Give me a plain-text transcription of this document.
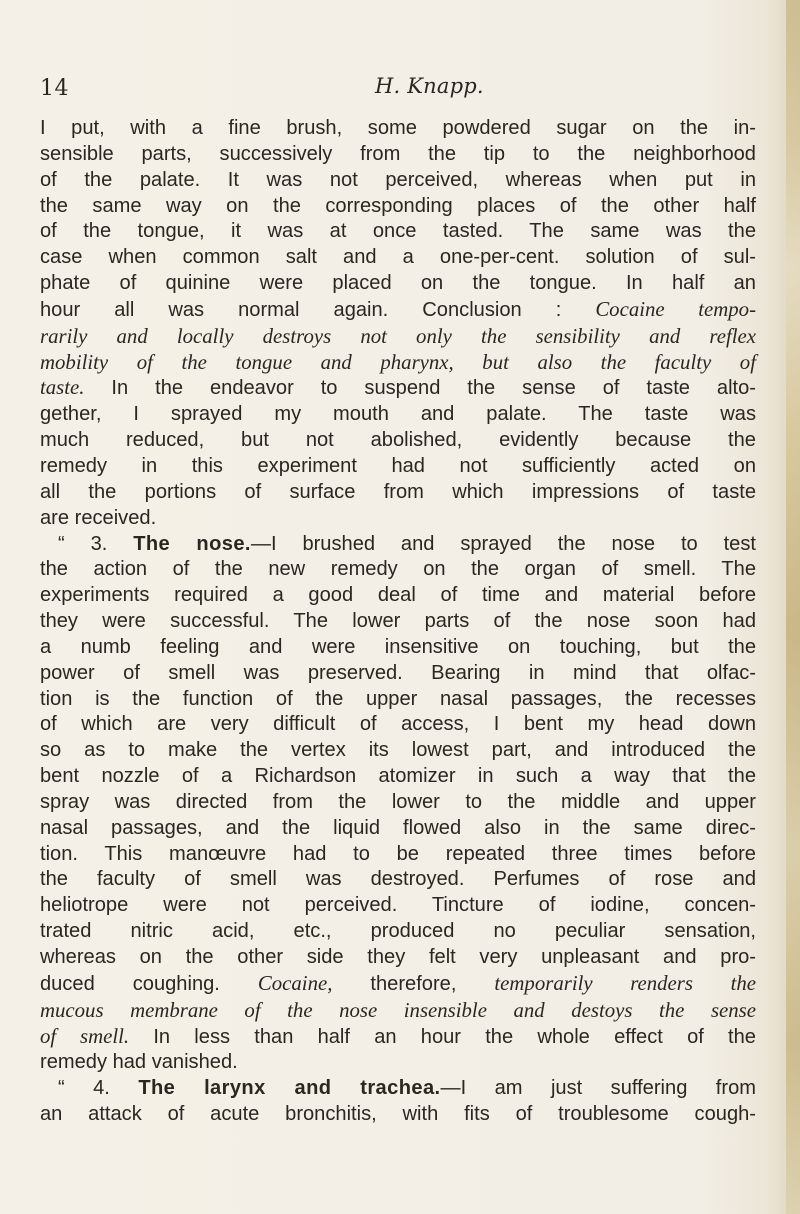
14	H. Knapp.
I put, with a fine brush, some powdered sugar on the in-
sensible parts, successively from the tip to the neighborhood
of the palate. It was not perceived, whereas when put in
the same way on the corresponding places of the other half
of the tongue, it was at once tasted. The same was the
case when common salt and a one-per-cent. solution of sul-
phate of quinine were placed on the tongue. In half an
hour all was normal again. Conclusion : Cocaine tempo-
rarily and locally destroys not only the sensibility and reflex
mobility of the tongue and pharynx, but also the faculty of
taste. In the endeavor to suspend the sense of taste alto-
gether, I sprayed my mouth and palate. The taste was
much reduced, but not abolished, evidently because the
remedy in this experiment had not sufficiently acted on
all the portions of surface from which impressions of taste
are received.
“ 3. The nose.—I brushed and sprayed the nose to test
the action of the new remedy on the organ of smell. The
experiments required a good deal of time and material before
they were successful. The lower parts of the nose soon had
a numb feeling and were insensitive on touching, but the
power of smell was preserved. Bearing in mind that olfac-
tion is the function of the upper nasal passages, the recesses
of which are very difficult of access, I bent my head down
so as to make the vertex its lowest part, and introduced the
bent nozzle of a Richardson atomizer in such a way that the
spray was directed from the lower to the middle and upper
nasal passages, and the liquid flowed also in the same direc-
tion. This manœuvre had to be repeated three times before
the faculty of smell was destroyed. Perfumes of rose and
heliotrope were not perceived. Tincture of iodine, concen-
trated nitric acid, etc., produced no peculiar sensation,
whereas on the other side they felt very unpleasant and pro-
duced coughing. Cocaine, therefore, temporarily renders the
mucous membrane of the nose insensible and destoys the sense
of smell. In less than half an hour the whole effect of the
remedy had vanished.
“ 4. The larynx and trachea.—I am just suffering from
an attack of acute bronchitis, with fits of troublesome cough-
